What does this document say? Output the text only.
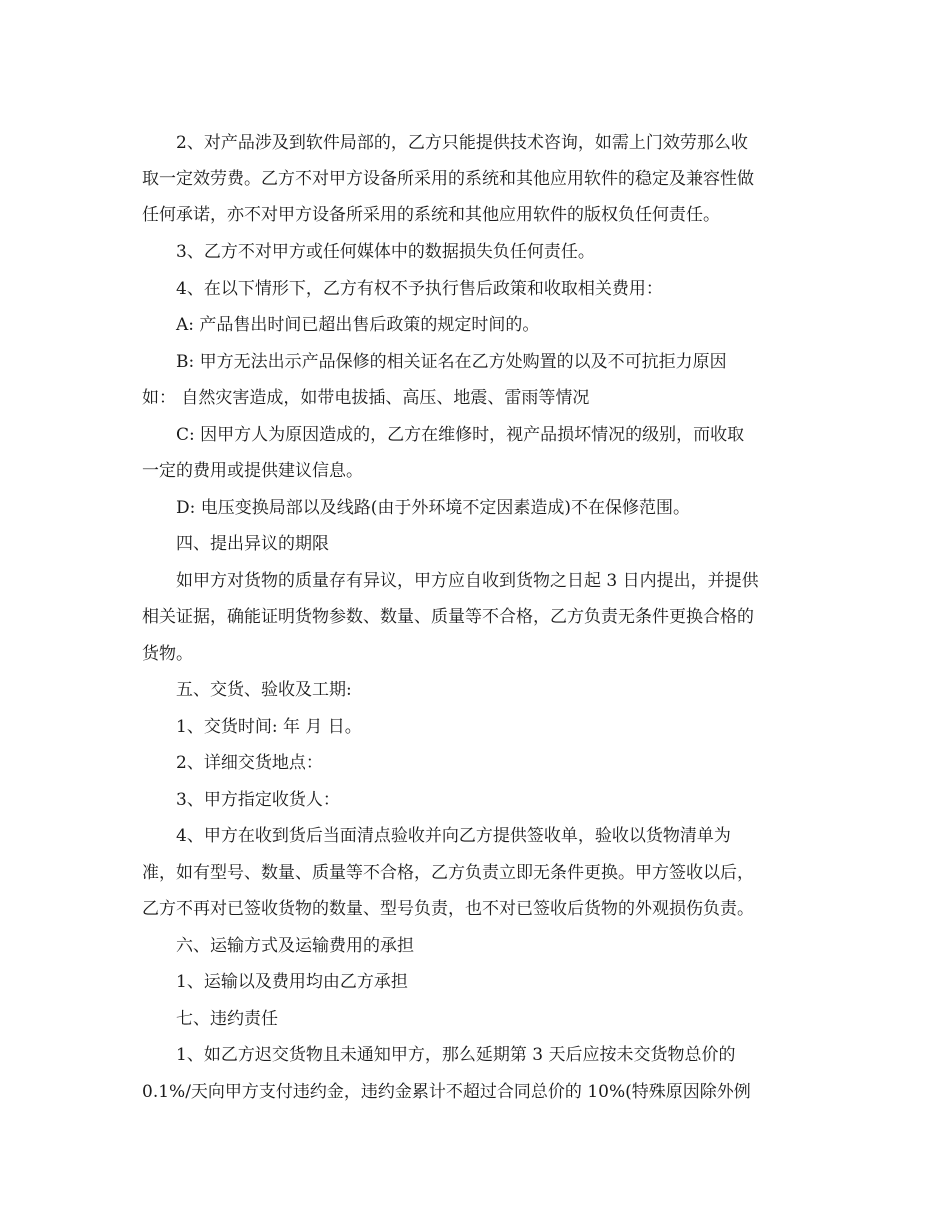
2、对产品涉及到软件局部的，乙方只能提供技术咨询，如需上门效劳那么收
取一定效劳费。乙方不对甲方设备所采用的系统和其他应用软件的稳定及兼容性做
任何承诺，亦不对甲方设备所采用的系统和其他应用软件的版权负任何责任。
3、乙方不对甲方或任何媒体中的数据损失负任何责任。
4、在以下情形下，乙方有权不予执行售后政策和收取相关费用：
A: 产品售出时间已超出售后政策的规定时间的。
B: 甲方无法出示产品保修的相关证名在乙方处购置的以及不可抗拒力原因
如： 自然灾害造成，如带电拔插、高压、地震、雷雨等情况
C: 因甲方人为原因造成的，乙方在维修时，视产品损坏情况的级别，而收取
一定的费用或提供建议信息。
D: 电压变换局部以及线路(由于外环境不定因素造成)不在保修范围。
四、提出异议的期限
如甲方对货物的质量存有异议，甲方应自收到货物之日起 3 日内提出，并提供
相关证据，确能证明货物参数、数量、质量等不合格，乙方负责无条件更换合格的
货物。
五、交货、验收及工期:
1、交货时间: 年 月 日。
2、详细交货地点：
3、甲方指定收货人：
4、甲方在收到货后当面清点验收并向乙方提供签收单，验收以货物清单为
准，如有型号、数量、质量等不合格，乙方负责立即无条件更换。甲方签收以后，
乙方不再对已签收货物的数量、型号负责，也不对已签收后货物的外观损伤负责。
六、运输方式及运输费用的承担
1、运输以及费用均由乙方承担
七、违约责任
1、如乙方迟交货物且未通知甲方，那么延期第 3 天后应按未交货物总价的
0.1%/天向甲方支付违约金，违约金累计不超过合同总价的 10%(特殊原因除外例
